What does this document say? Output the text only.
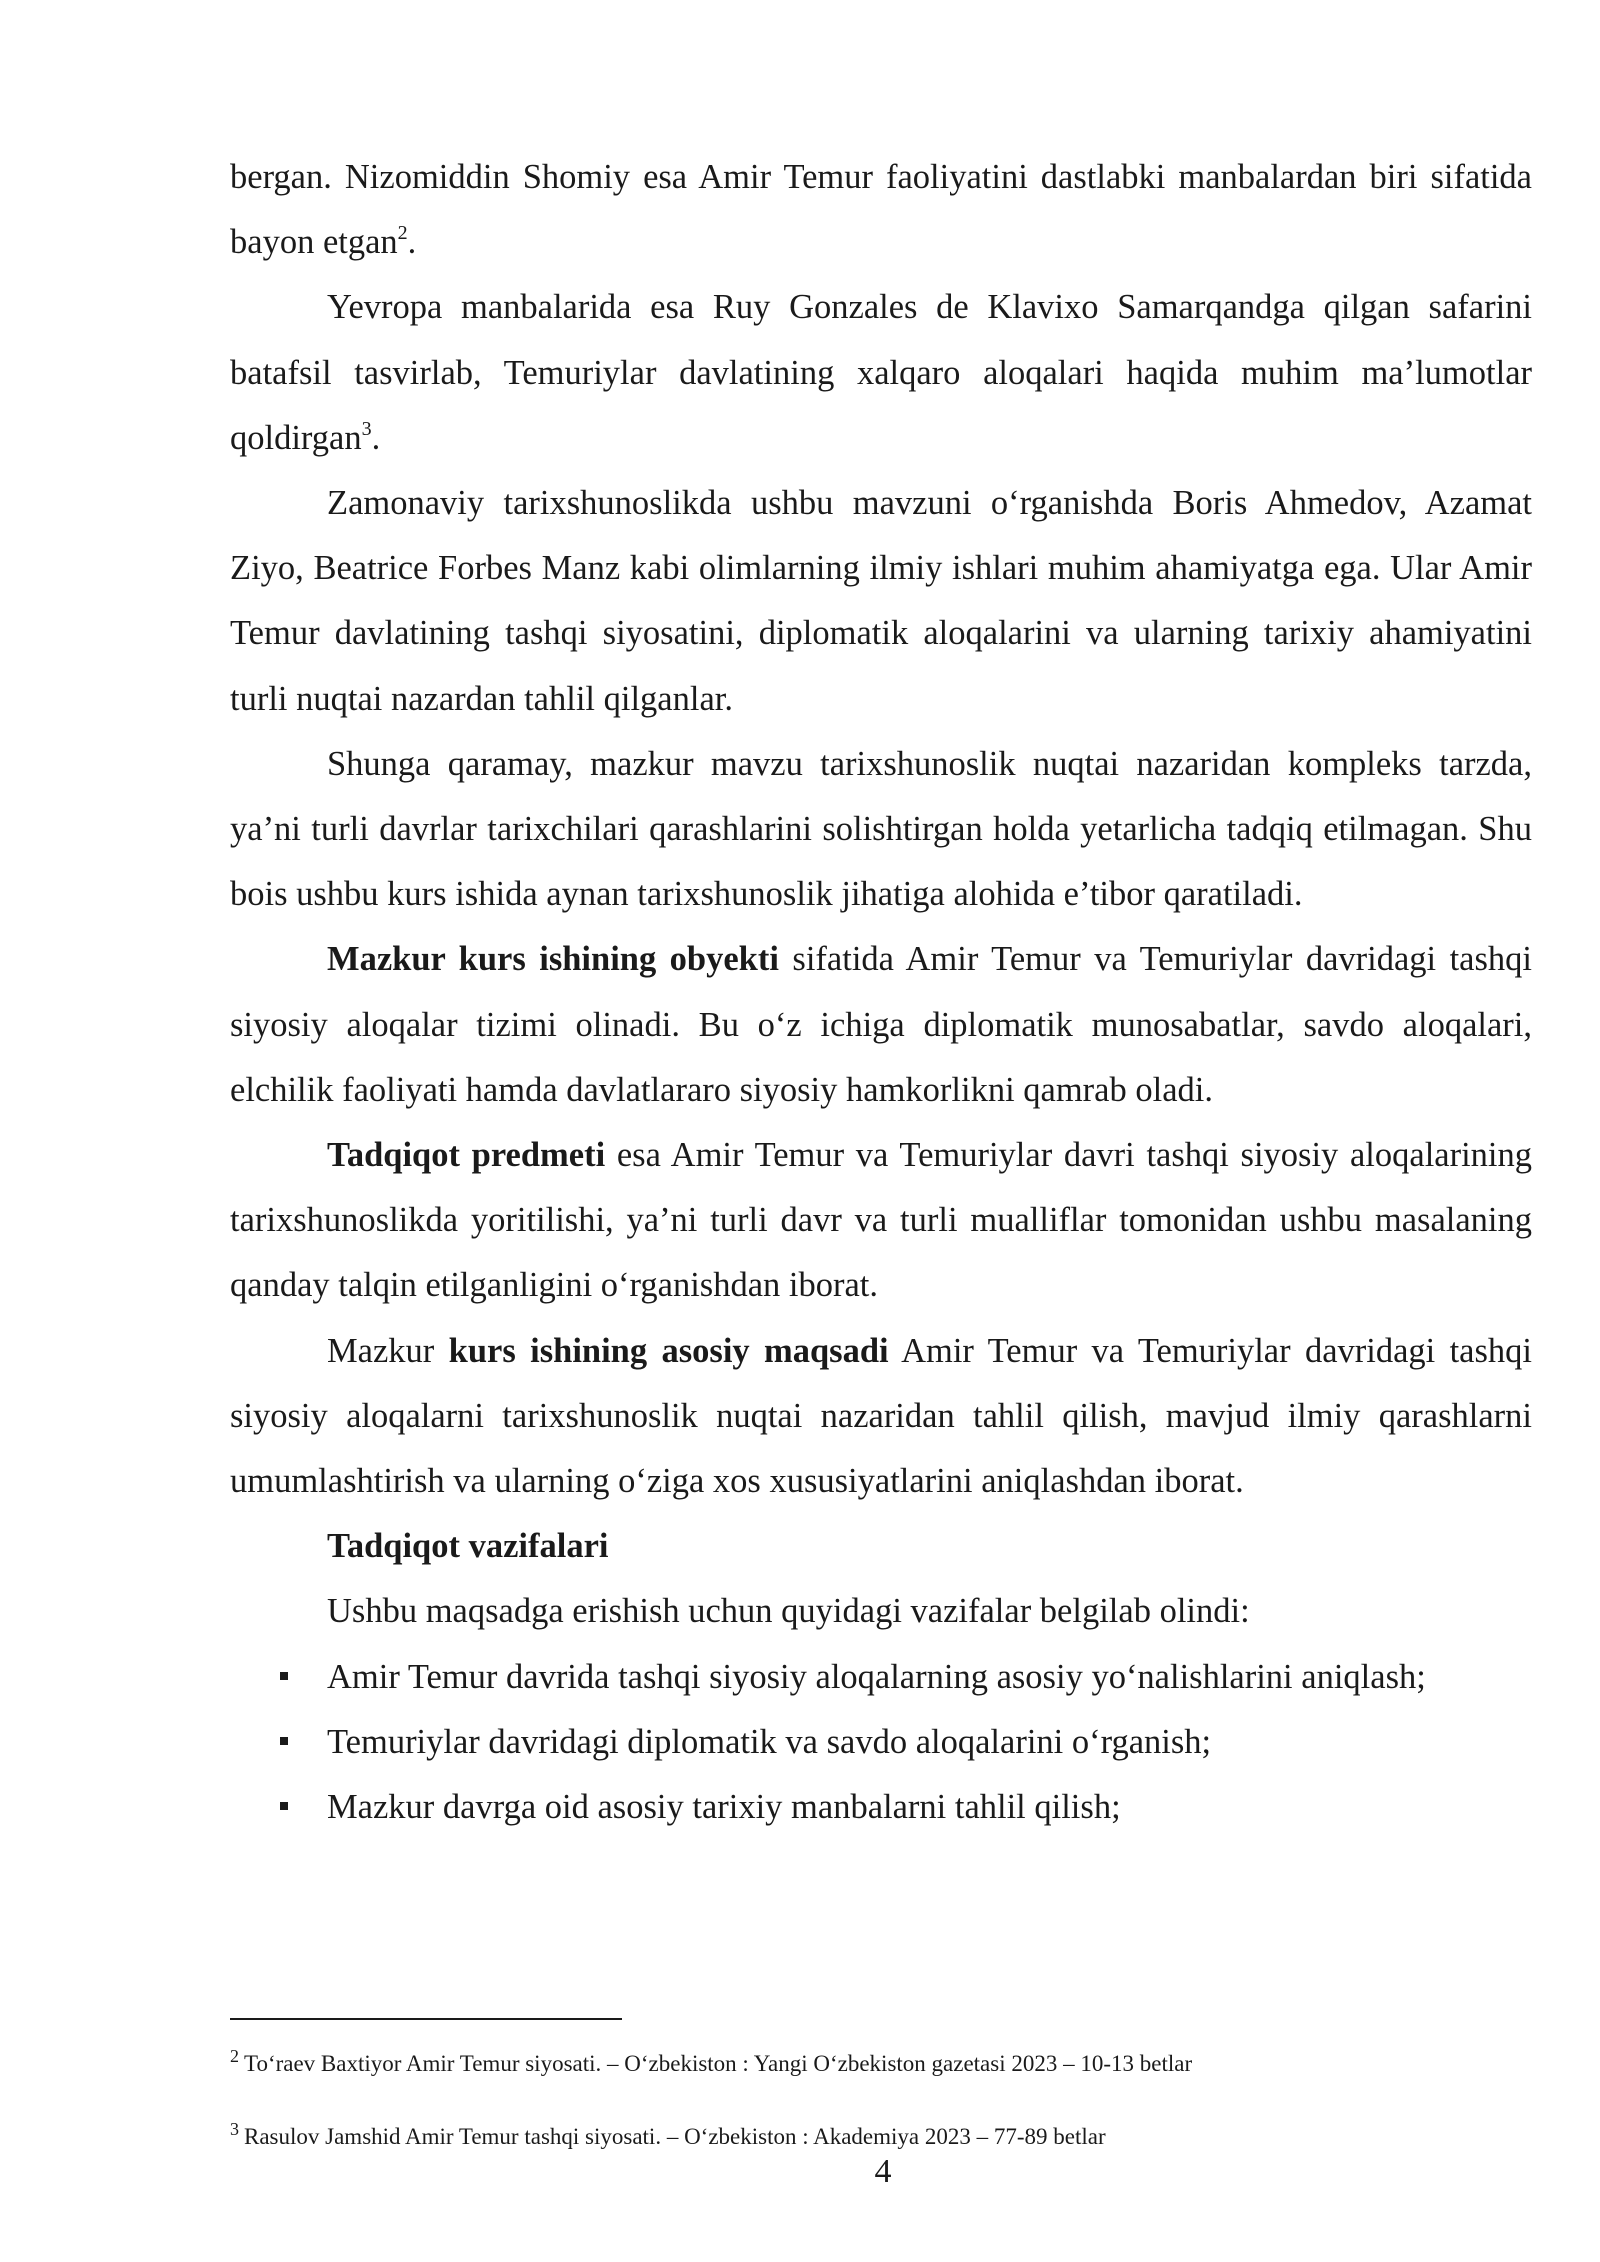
bergan. Nizomiddin Shomiy esa Amir Temur faoliyatini dastlabki manbalardan biri sifatida bayon etgan$^2$.

Yevropa manbalarida esa Ruy Gonzales de Klavixo Samarqandga qilgan safarini batafsil tasvirlab, Temuriylar davlatining xalqaro aloqalari haqida muhim ma’lumotlar qoldirgan$^3$.

Zamonaviy tarixshunoslikda ushbu mavzuni o‘rganishda Boris Ahmedov, Azamat Ziyo, Beatrice Forbes Manz kabi olimlarning ilmiy ishlari muhim ahamiyatga ega. Ular Amir Temur davlatining tashqi siyosatini, diplomatik aloqalarini va ularning tarixiy ahamiyatini turli nuqtai nazardan tahlil qilganlar.

Shunga qaramay, mazkur mavzu tarixshunoslik nuqtai nazaridan kompleks tarzda, ya’ni turli davrlar tarixchilari qarashlarini solishtirgan holda yetarlicha tadqiq etilmagan. Shu bois ushbu kurs ishida aynan tarixshunoslik jihatiga alohida e’tibor qaratiladi.

Mazkur kurs ishining obyekti sifatida Amir Temur va Temuriylar davridagi tashqi siyosiy aloqalar tizimi olinadi. Bu o‘z ichiga diplomatik munosabatlar, savdo aloqalari, elchilik faoliyati hamda davlatlararo siyosiy hamkorlikni qamrab oladi.

Tadqiqot predmeti esa Amir Temur va Temuriylar davri tashqi siyosiy aloqalarining tarixshunoslikda yoritilishi, ya’ni turli davr va turli mualliflar tomonidan ushbu masalaning qanday talqin etilganligini o‘rganishdan iborat.

Mazkur kurs ishining asosiy maqsadi Amir Temur va Temuriylar davridagi tashqi siyosiy aloqalarni tarixshunoslik nuqtai nazaridan tahlil qilish, mavjud ilmiy qarashlarni umumlashtirish va ularning o‘ziga xos xususiyatlarini aniqlashdan iborat.

Tadqiqot vazifalari

Ushbu maqsadga erishish uchun quyidagi vazifalar belgilab olindi:

Amir Temur davrida tashqi siyosiy aloqalarning asosiy yo‘nalishlarini aniqlash;
Temuriylar davridagi diplomatik va savdo aloqalarini o‘rganish;
Mazkur davrga oid asosiy tarixiy manbalarni tahlil qilish;

$^2$ To‘raev Baxtiyor Amir Temur siyosati. – O‘zbekiston : Yangi O‘zbekiston gazetasi 2023 – 10-13 betlar

$^3$ Rasulov Jamshid Amir Temur tashqi siyosati. – O‘zbekiston : Akademiya 2023 – 77-89 betlar

4
